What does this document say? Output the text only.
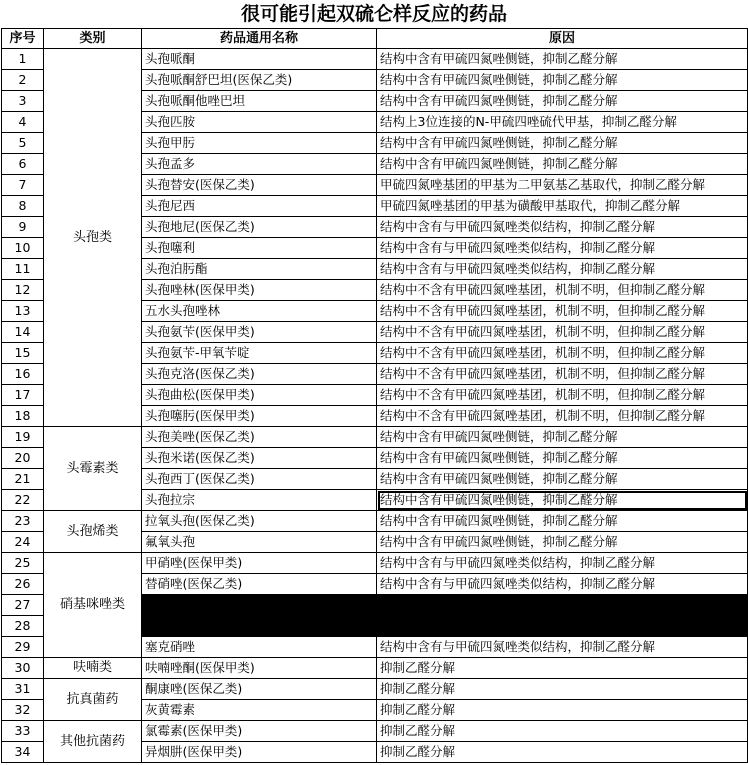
很可能引起双硫仑样反应的药品
序号	类别	药品通用名称	原因
1	头孢类	头孢哌酮	结构中含有甲硫四氮唑侧链，抑制乙醛分解
2		头孢哌酮舒巴坦(医保乙类)	结构中含有甲硫四氮唑侧链，抑制乙醛分解
3		头孢哌酮他唑巴坦	结构中含有甲硫四氮唑侧链，抑制乙醛分解
4		头孢匹胺	结构上3位连接的N-甲硫四唑硫代甲基，抑制乙醛分解
5		头孢甲肟	结构中含有甲硫四氮唑侧链，抑制乙醛分解
6		头孢孟多	结构中含有甲硫四氮唑侧链，抑制乙醛分解
7		头孢替安(医保乙类)	甲硫四氮唑基团的甲基为二甲氨基乙基取代，抑制乙醛分解
8		头孢尼西	甲硫四氮唑基团的甲基为磺酸甲基取代，抑制乙醛分解
9		头孢地尼(医保乙类)	结构中含有与甲硫四氮唑类似结构，抑制乙醛分解
10		头孢噻利	结构中含有与甲硫四氮唑类似结构，抑制乙醛分解
11		头孢泊肟酯	结构中含有与甲硫四氮唑类似结构，抑制乙醛分解
12		头孢唑林(医保甲类)	结构中不含有甲硫四氮唑基团，机制不明，但抑制乙醛分解
13		五水头孢唑林	结构中不含有甲硫四氮唑基团，机制不明，但抑制乙醛分解
14		头孢氨苄(医保甲类)	结构中不含有甲硫四氮唑基团，机制不明，但抑制乙醛分解
15		头孢氨苄-甲氧苄啶	结构中不含有甲硫四氮唑基团，机制不明，但抑制乙醛分解
16		头孢克洛(医保乙类)	结构中不含有甲硫四氮唑基团，机制不明，但抑制乙醛分解
17		头孢曲松(医保甲类)	结构中不含有甲硫四氮唑基团，机制不明，但抑制乙醛分解
18		头孢噻肟(医保甲类)	结构中不含有甲硫四氮唑基团，机制不明，但抑制乙醛分解
19	头霉素类	头孢美唑(医保乙类)	结构中含有甲硫四氮唑侧链，抑制乙醛分解
20		头孢米诺(医保乙类)	结构中含有甲硫四氮唑侧链，抑制乙醛分解
21		头孢西丁(医保乙类)	结构中含有甲硫四氮唑侧链，抑制乙醛分解
22		头孢拉宗	结构中含有甲硫四氮唑侧链，抑制乙醛分解
23	头孢烯类	拉氧头孢(医保乙类)	结构中含有甲硫四氮唑侧链，抑制乙醛分解
24		氟氧头孢	结构中含有甲硫四氮唑侧链，抑制乙醛分解
25	硝基咪唑类	甲硝唑(医保甲类)	结构中含有与甲硫四氮唑类似结构，抑制乙醛分解
26		替硝唑(医保乙类)	结构中含有与甲硫四氮唑类似结构，抑制乙醛分解
27			
28			
29		塞克硝唑	结构中含有与甲硫四氮唑类似结构，抑制乙醛分解
30	呋喃类	呋喃唑酮(医保甲类)	抑制乙醛分解
31	抗真菌药	酮康唑(医保乙类)	抑制乙醛分解
32		灰黄霉素	抑制乙醛分解
33	其他抗菌药	氯霉素(医保甲类)	抑制乙醛分解
34		异烟肼(医保甲类)	抑制乙醛分解
